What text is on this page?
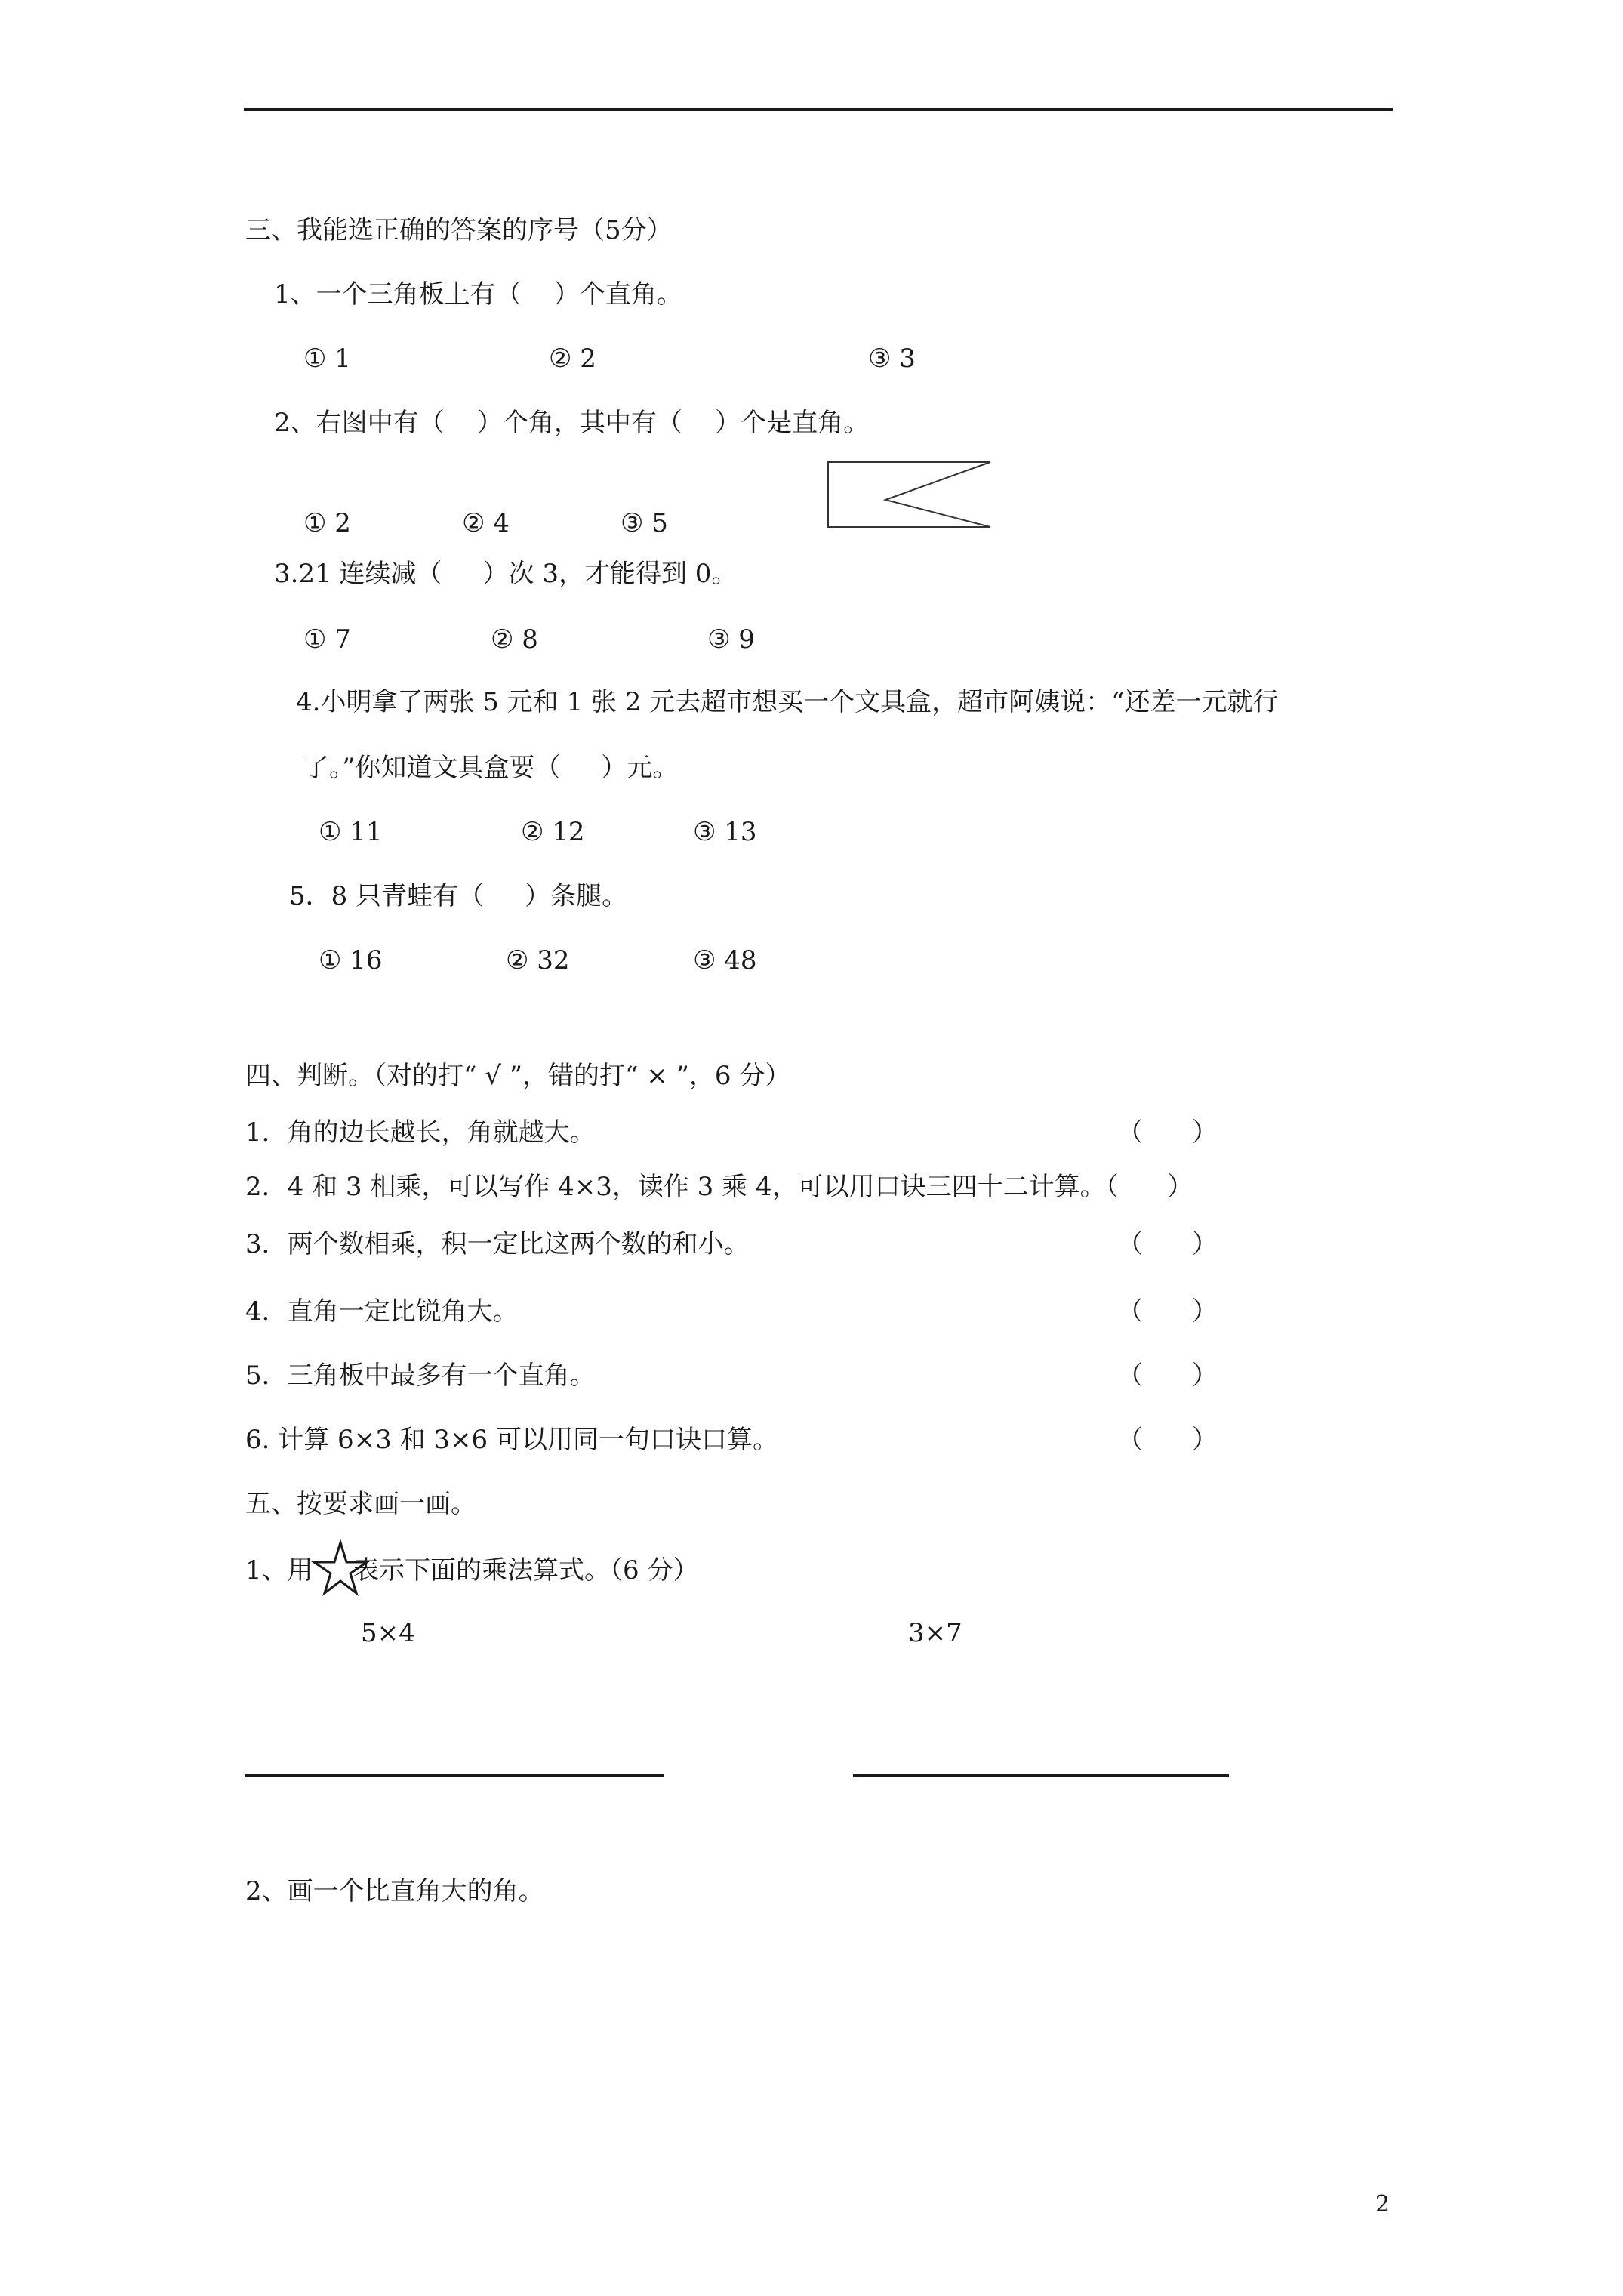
三、我能选正确的答案的序号（5分）
1、一个三角板上有（    ）个直角。
① 1	② 2	③ 3
2、右图中有（    ）个角，其中有（    ）个是直角。
① 2	② 4	③ 5
3.21 连续减（     ）次 3，才能得到 0。
① 7	② 8	③ 9
4.小明拿了两张 5 元和 1 张 2 元去超市想买一个文具盒，超市阿姨说：“还差一元就行
了。”你知道文具盒要（     ）元。
① 11	② 12	③ 13
5．8 只青蛙有（     ）条腿。
① 16	② 32	③ 48
四、判断。（对的打“ √ ”，错的打“ × ”，6 分）
1．角的边长越长，角就越大。	（      ）
2．4 和 3 相乘，可以写作 4×3，读作 3 乘 4，可以用口诀三四十二计算。（      ）
3．两个数相乘，积一定比这两个数的和小。	（      ）
4．直角一定比锐角大。	（      ）
5．三角板中最多有一个直角。	（      ）
6. 计算 6×3 和 3×6 可以用同一句口诀口算。	（      ）
五、按要求画一画。
1、用 表示下面的乘法算式。（6 分）
5×4	3×7
2、画一个比直角大的角。
2
